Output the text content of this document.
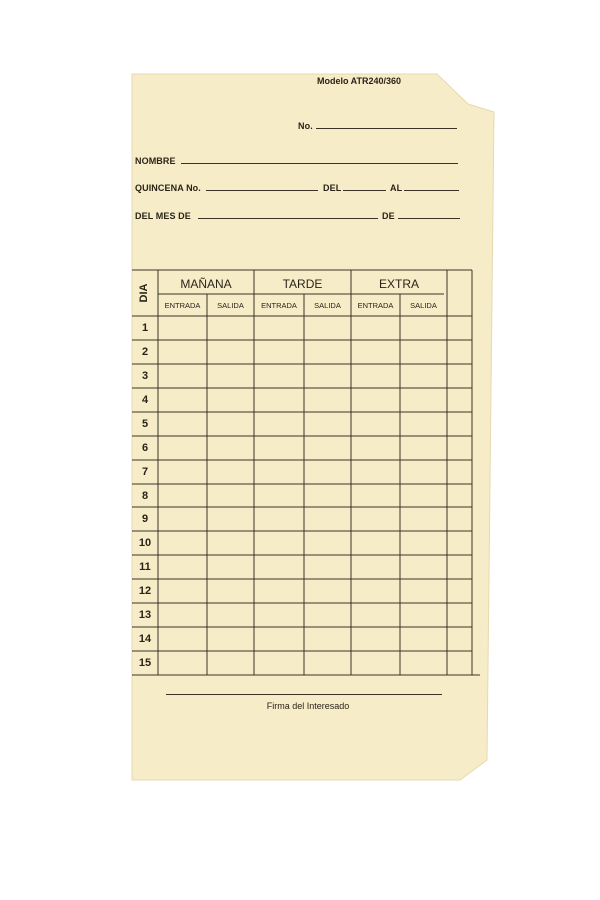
Modelo ATR240/360
No.
NOMBRE
QUINCENA No.	DEL	AL
DEL MES DE	DE
DIA	MAÑANA	TARDE	EXTRA
ENTRADA	SALIDA	ENTRADA	SALIDA	ENTRADA	SALIDA
1
2
3
4
5
6
7
8
9
10
11
12
13
14
15
Firma del Interesado
